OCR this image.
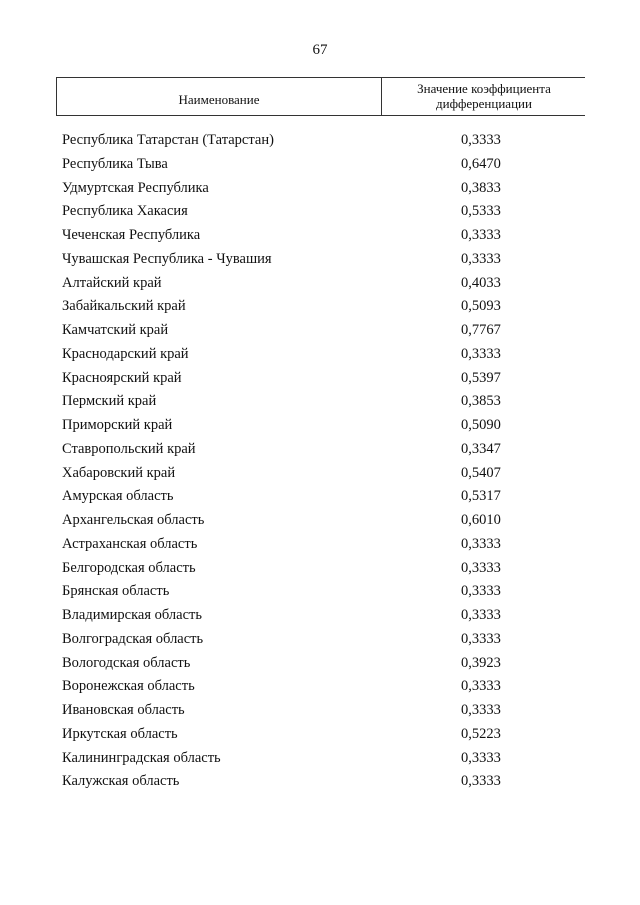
67
Наименование
Значение коэффициента
дифференциации
Республика Татарстан (Татарстан)	0,3333
Республика Тыва	0,6470
Удмуртская Республика	0,3833
Республика Хакасия	0,5333
Чеченская Республика	0,3333
Чувашская Республика - Чувашия	0,3333
Алтайский край	0,4033
Забайкальский край	0,5093
Камчатский край	0,7767
Краснодарский край	0,3333
Красноярский край	0,5397
Пермский край	0,3853
Приморский край	0,5090
Ставропольский край	0,3347
Хабаровский край	0,5407
Амурская область	0,5317
Архангельская область	0,6010
Астраханская область	0,3333
Белгородская область	0,3333
Брянская область	0,3333
Владимирская область	0,3333
Волгоградская область	0,3333
Вологодская область	0,3923
Воронежская область	0,3333
Ивановская область	0,3333
Иркутская область	0,5223
Калининградская область	0,3333
Калужская область	0,3333
